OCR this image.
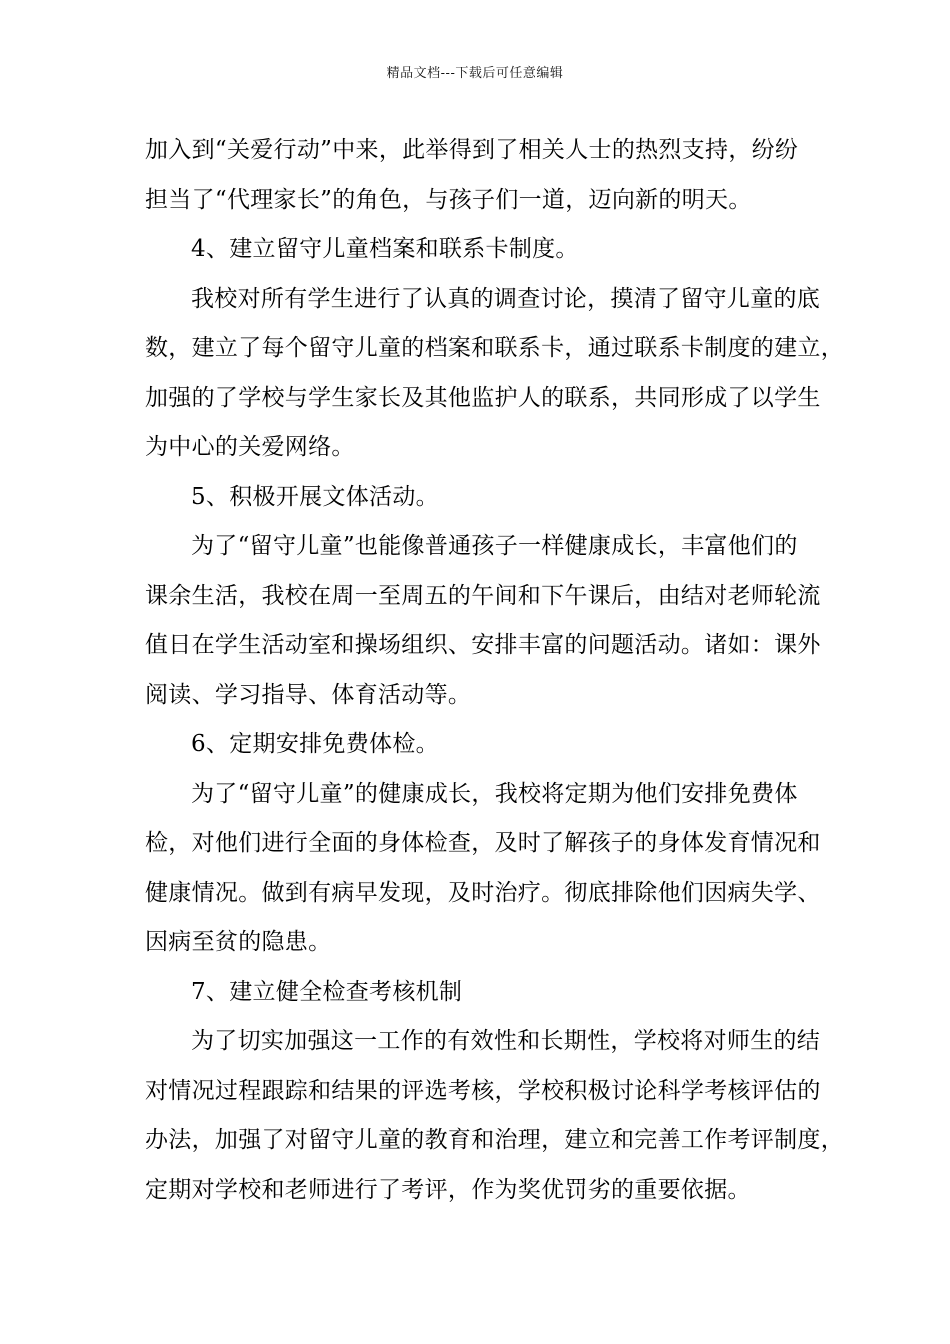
精品文档---下载后可任意编辑
加入到“关爱行动”中来，此举得到了相关人士的热烈支持，纷纷
担当了“代理家长”的角色，与孩子们一道，迈向新的明天。
4、建立留守儿童档案和联系卡制度。
我校对所有学生进行了认真的调查讨论，摸清了留守儿童的底
数，建立了每个留守儿童的档案和联系卡，通过联系卡制度的建立，
加强的了学校与学生家长及其他监护人的联系，共同形成了以学生
为中心的关爱网络。
5、积极开展文体活动。
为了“留守儿童”也能像普通孩子一样健康成长，丰富他们的
课余生活，我校在周一至周五的午间和下午课后，由结对老师轮流
值日在学生活动室和操场组织、安排丰富的问题活动。诸如：课外
阅读、学习指导、体育活动等。
6、定期安排免费体检。
为了“留守儿童”的健康成长，我校将定期为他们安排免费体
检，对他们进行全面的身体检查，及时了解孩子的身体发育情况和
健康情况。做到有病早发现，及时治疗。彻底排除他们因病失学、
因病至贫的隐患。
7、建立健全检查考核机制
为了切实加强这一工作的有效性和长期性，学校将对师生的结
对情况过程跟踪和结果的评选考核，学校积极讨论科学考核评估的
办法，加强了对留守儿童的教育和治理，建立和完善工作考评制度，
定期对学校和老师进行了考评，作为奖优罚劣的重要依据。
